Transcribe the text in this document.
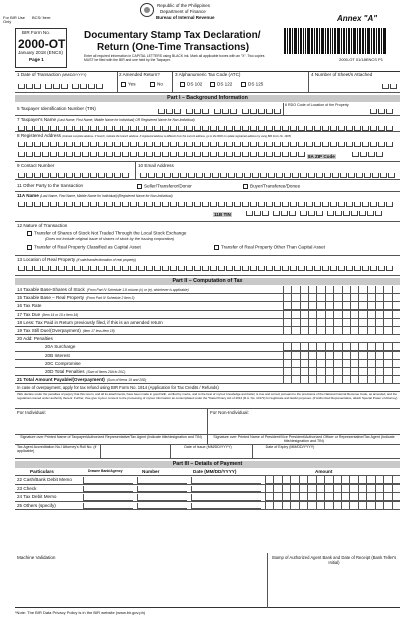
For BIR Use Only
BCS/ Item:
Republic of the Philippines
Department of Finance
Bureau of Internal Revenue	Annex "A"
BIR Form No.
2000-OT
January 2018 (ENCS)
Page 1
Documentary Stamp Tax Declaration/
Return (One-Time Transactions)
Enter all required information in CAPITAL LETTERS using BLACK ink. Mark all applicable boxes with an "X". Two copies MUST be filed with the BIR and one held by the Taxpayer.	2000-OT 01/18ENCS P1
1 Date of Transaction (MM/DD/YYYY)	2 Amended Return?
Yes	No
3 Alphanumeric Tax Code (ATC)
DS 102	DS 122	DS 125
4 Number of Sheet/s Attached
Part I – Background Information
5 Taxpayer Identification Number (TIN)
6 RDO Code of Location of the Property
7 Taxpayer's Name (Last Name, First Name, Middle Name for Individual) OR Registered Name for Non-Individual)
8 Registered Address (Indicate complete address. If branch, indicate the branch address. If registered address is different from the current address, go to the RDO to update registered address by using BIR Form No. 1905)
8A ZIP Code
9 Contact Number	10 Email Address
11 Other Party to the transaction	Seller/Transferor/Donor	Buyer/Transferee/Donee
11A Name (Last Name, First Name, Middle Name for Individual)/(Registered Name for Non-Individual)
11B TIN
12 Nature of Transaction
Transfer of Shares of Stock Not Traded Through the Local Stock Exchange
(Does not include original issue of shares of stock by the issuing corporation)
Transfer of Real Property Classified as Capital Asset	Transfer of Real Property Other Than Capital Asset
13 Location of Real Property (if sale/transfer/donation of real property)
Part II – Computation of Tax
14 Taxable Base-Shares of Stock (From Part IV Schedule 1.8 column (c) or (e), whichever is applicable)
15 Taxable Base – Real Property (From Part IV Schedule 2 Item 3)
16 Tax Rate
17 Tax Due (Item 14 or 15 x Item 16)
18 Less: Tax Paid in Return previously filed, if this is an amended return
19 Tax Still Due/(Overpayment) (Item 17 less Item 18)
20 Add: Penalties
20A Surcharge
20B Interest
20C Compromise
20D Total Penalties (Sum of Items 20A to 20C)
21 Total Amount Payable/(Overpayment) (Sum of Items 19 and 20D)
In case of overpayment, apply for tax refund using BIR Form No. 1914 (Application for Tax Credits / Refunds)
I/We declare under the penalties of perjury that this return, and all its attachments, have been made in good faith, verified by me/us, and to the best of my/our knowledge and belief, is true and correct pursuant to the provisions of the National Internal Revenue Code, as amended, and the regulations issued under authority thereof. Further, I/we give my/our consent to the processing of my/our information as contemplated under the *Data Privacy Act of 2012 (R.A. No. 10173) for legitimate and lawful purposes. (If Authorized Representative, attach Special Power of Attorney)
For Individual:	For Non-Individual:
Signature over Printed Name of Taxpayer/Authorized Representative/Tax Agent (Indicate title/designation and TIN)	Signature over Printed Name of President/Vice President/Authorized Officer or Representative/Tax Agent (Indicate title/designation and TIN)
Tax Agent Accreditation No./ Attorney's Roll No. (if applicable)
Date of Issue (MM/DD/YYYY)	Date of Expiry (MM/DD/YYYY)
Part III – Details of Payment
Particulars	Drawee Bank/Agency	Number	Date (MM/DD/YYYY)	Amount
22 Cash/Bank Debit Memo
23 Check
24 Tax Debit Memo
25 Others (specify)
Machine Validation	Stamp of Authorized Agent Bank and Date of Receipt (Bank Teller's Initial)
*Note: The BIR Data Privacy Policy is in the BIR website (www.bir.gov.ph)
